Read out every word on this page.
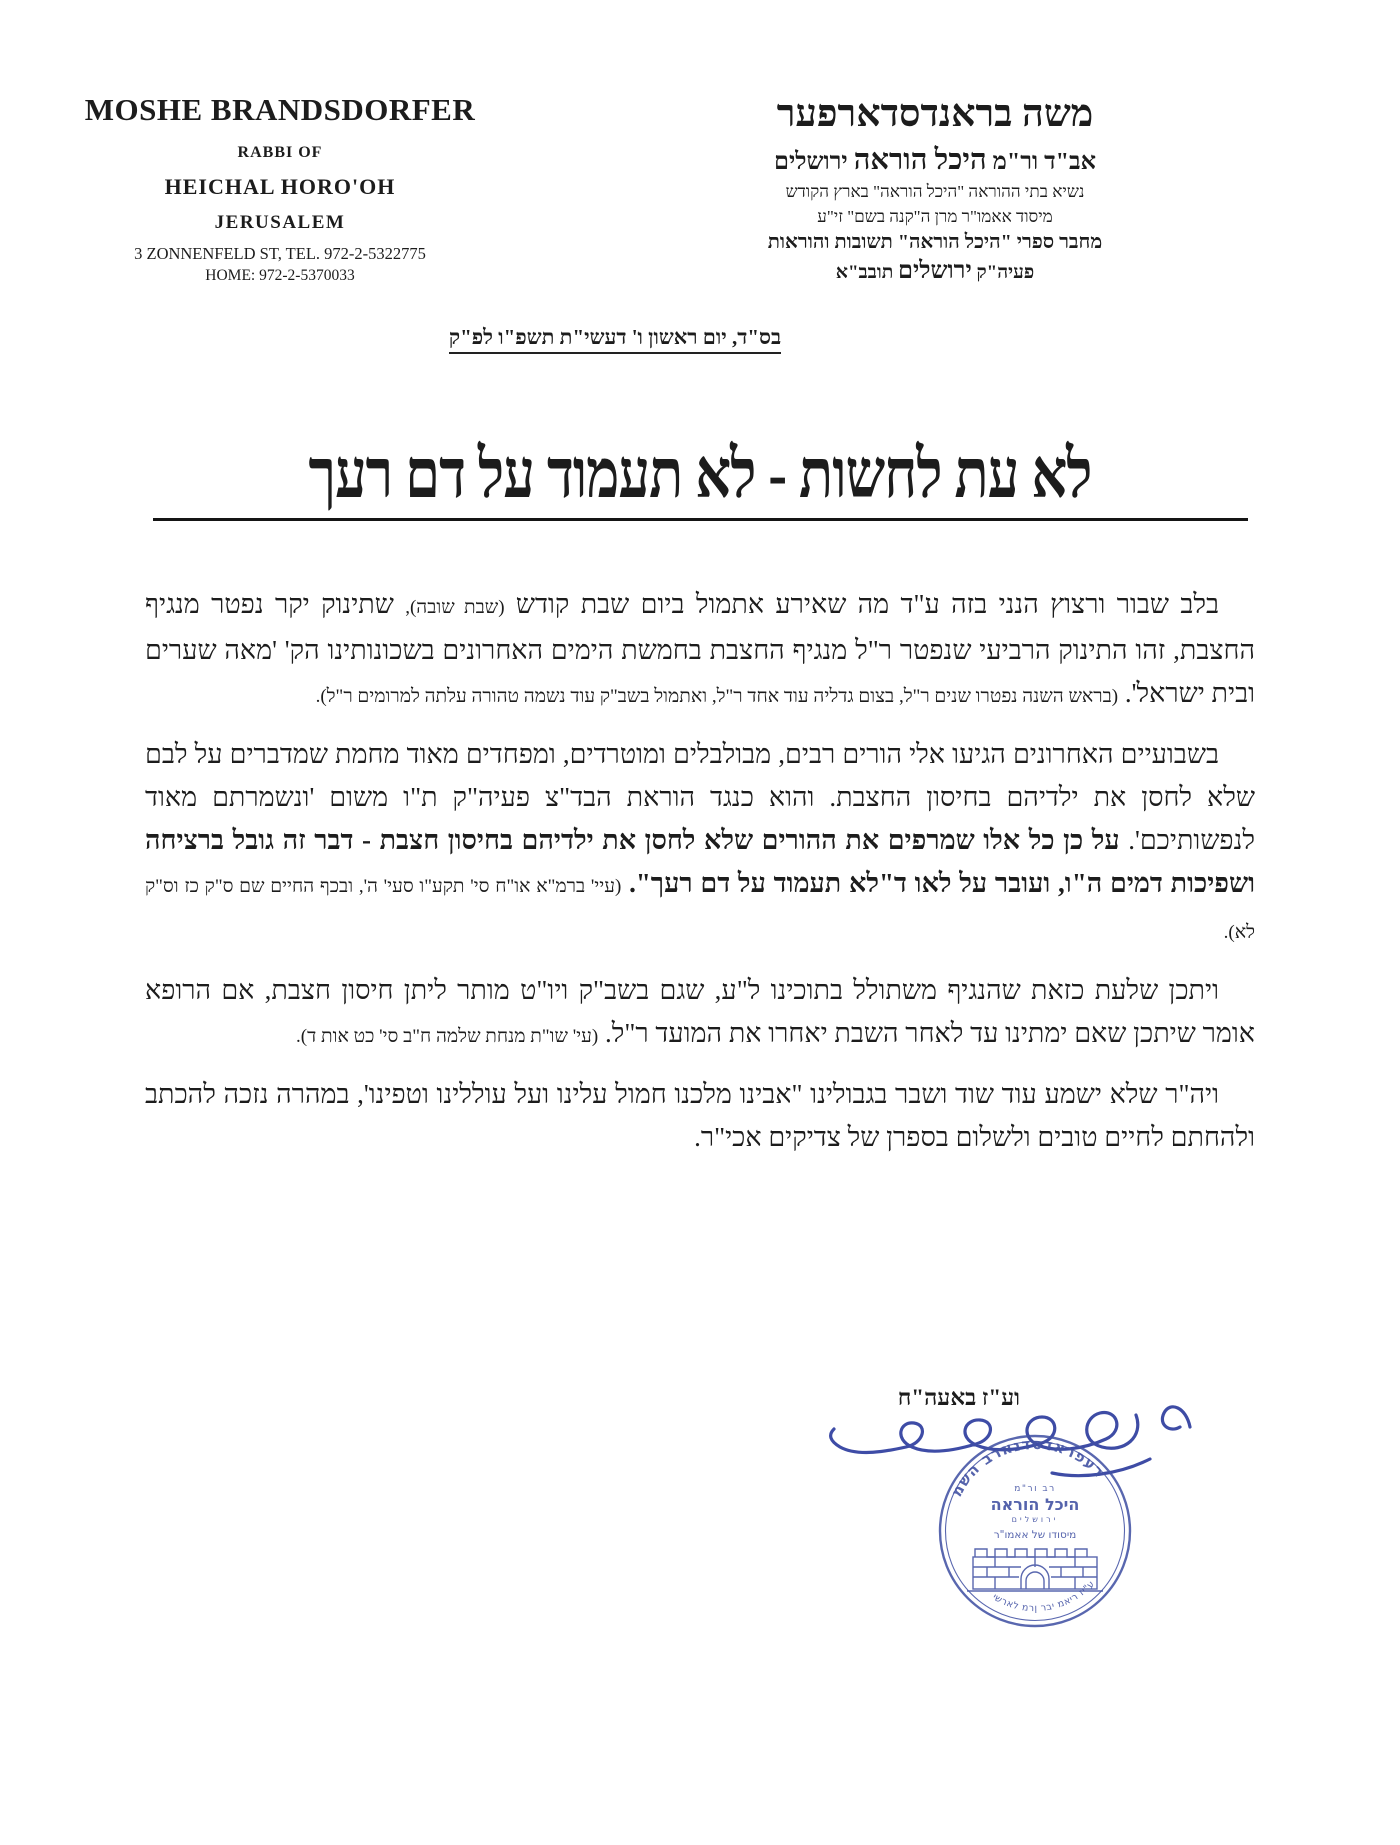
MOSHE BRANDSDORFER
RABBI OF
HEICHAL HORO'OH
JERUSALEM
3 ZONNENFELD ST, TEL. 972-2-5322775
HOME: 972-2-5370033
משה בראנדסדארפער
אב"ד ור"מ היכל הוראה ירושלים
נשיא בתי ההוראה "היכל הוראה" בארץ הקודש
מיסוד אאמו"ר מרן ה"קנה בשם" זי"ע
מחבר ספרי "היכל הוראה" תשובות והוראות
פעיה"ק ירושלים תובב"א
בס"ד, יום ראשון ו' דעשי"ת תשפ"ו לפ"ק
לא עת לחשות - לא תעמוד על דם רעך

בלב שבור ורצוץ הנני בזה ע"ד מה שאירע אתמול ביום שבת קודש (שבת שובה), שתינוק יקר נפטר מנגיף החצבת, זהו התינוק הרביעי שנפטר ר"ל מנגיף החצבת בחמשת הימים האחרונים בשכונותינו הק' 'מאה שערים ובית ישראל'. (בראש השנה נפטרו שנים ר"ל, בצום גדליה עוד אחד ר"ל, ואתמול בשב"ק עוד נשמה טהורה עלתה למרומים ר"ל).

בשבועיים האחרונים הגיעו אלי הורים רבים, מבולבלים ומוטרדים, ומפחדים מאוד מחמת שמדברים על לבם שלא לחסן את ילדיהם בחיסון החצבת. והוא כנגד הוראת הבד"צ פעיה"ק ת"ו משום 'ונשמרתם מאוד לנפשותיכם'. על כן כל אלו שמרפים את ההורים שלא לחסן את ילדיהם בחיסון חצבת - דבר זה גובל ברציחה ושפיכות דמים ה"ו, ועובר על לאו ד"לא תעמוד על דם רעך". (עיי' ברמ"א או"ח סי' תקע"ו סעי' ה', ובכף החיים שם ס"ק כז וס"ק לא).

ויתכן שלעת כזאת שהנגיף משתולל בתוכינו ל"ע, שגם בשב"ק ויו"ט מותר ליתן חיסון חצבת, אם הרופא אומר שיתכן שאם ימתינו עד לאחר השבת יאחרו את המועד ר"ל. (עי' שו"ת מנחת שלמה ח"ב סי' כט אות ד).

ויה"ר שלא ישמע עוד שוד ושבר בגבולינו "אבינו מלכנו חמול עלינו ועל עוללינו וטפינו', במהרה נזכה להכתב ולהחתם לחיים טובים ולשלום בספרן של צדיקים אכי"ר.

וע"ז באעה"ח
משה בראנדסדארפער
ישראל מרן רבי מאיר זי"ע
רב ור"מ
היכל הוראה
ירושלים
מיסודו של אאמו"ר
